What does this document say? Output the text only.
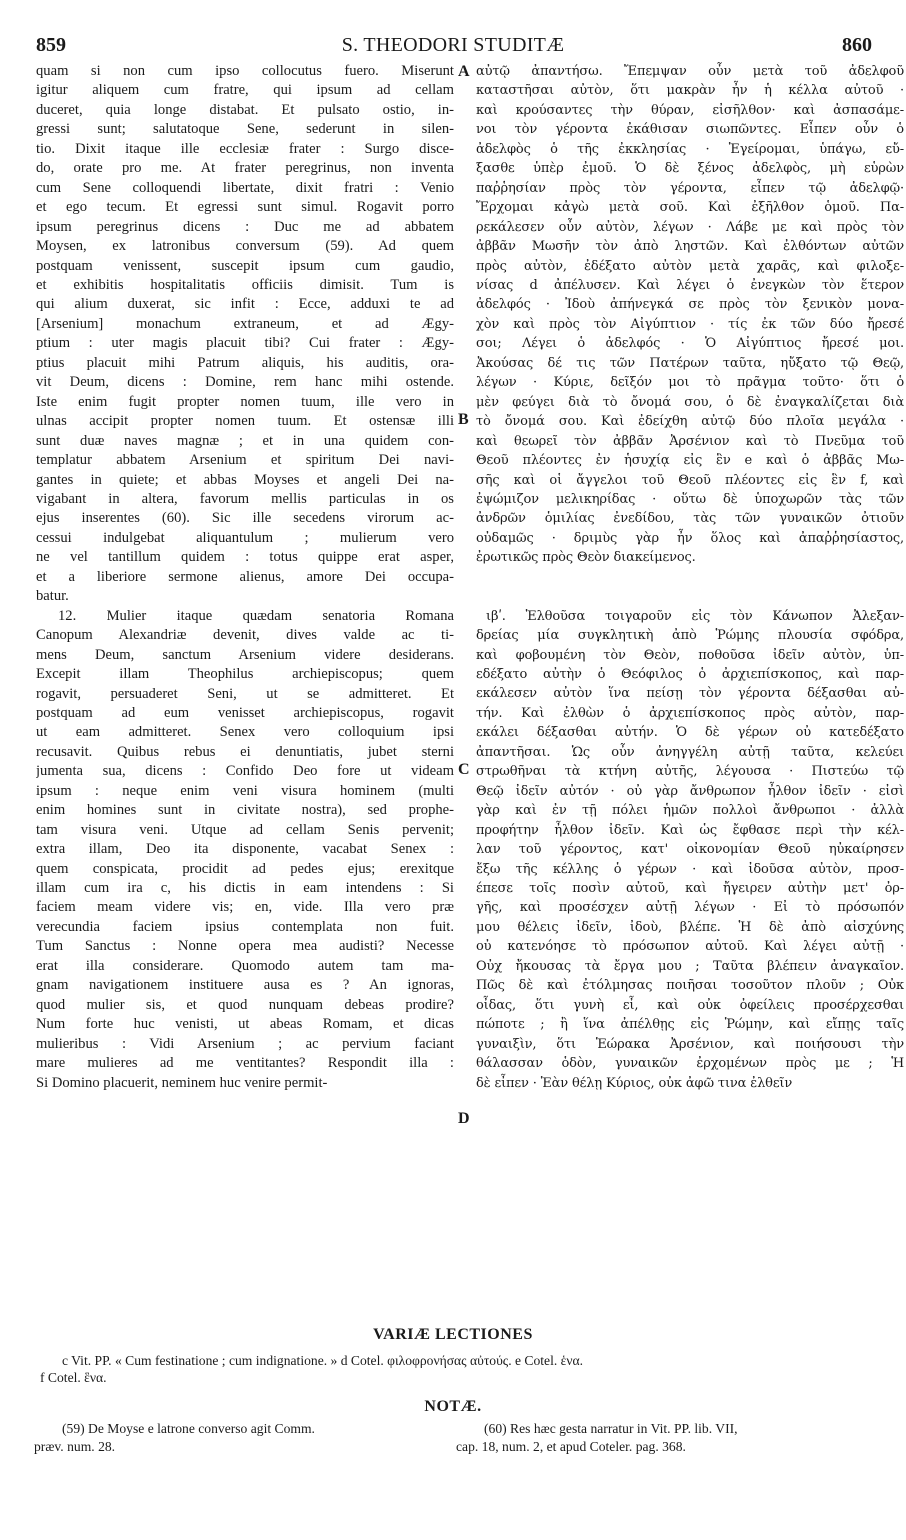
859	S. THEODORI STUDITÆ	860
quam si non cum ipso collocutus fuero. Miserunt
igitur aliquem cum fratre, qui ipsum ad cellam
duceret, quia longe distabat. Et pulsato ostio, in-
gressi sunt; salutatoque Sene, sederunt in silen-
tio. Dixit itaque ille ecclesiæ frater : Surgo disce-
do, orate pro me. At frater peregrinus, non inventa
cum Sene colloquendi libertate, dixit fratri : Venio
et ego tecum. Et egressi sunt simul. Rogavit porro
ipsum peregrinus dicens : Duc me ad abbatem
Moysen, ex latronibus conversum (59). Ad quem
postquam venissent, suscepit ipsum cum gaudio,
et exhibitis hospitalitatis officiis dimisit. Tum is
qui alium duxerat, sic infit : Ecce, adduxi te ad
[Arsenium] monachum extraneum, et ad Ægy-
ptium : uter magis placuit tibi? Cui frater : Ægy-
ptius placuit mihi Patrum aliquis, his auditis, ora-
vit Deum, dicens : Domine, rem hanc mihi ostende.
Iste enim fugit propter nomen tuum, ille vero in
ulnas accipit propter nomen tuum. Et ostensæ illi
sunt duæ naves magnæ ; et in una quidem con-
templatur abbatem Arsenium et spiritum Dei navi-
gantes in quiete; et abbas Moyses et angeli Dei na-
vigabant in altera, favorum mellis particulas in os
ejus inserentes (60). Sic ille secedens virorum ac-
cessui indulgebat aliquantulum ; mulierum vero
ne vel tantillum quidem : totus quippe erat asper,
et a liberiore sermone alienus, amore Dei occupa-
batur.
12. Mulier itaque quædam senatoria Romana
Canopum Alexandriæ devenit, dives valde ac ti-
mens Deum, sanctum Arsenium videre desiderans.
Excepit illam Theophilus archiepiscopus; quem
rogavit, persuaderet Seni, ut se admitteret. Et
postquam ad eum venisset archiepiscopus, rogavit
ut eam admitteret. Senex vero colloquium ipsi
recusavit. Quibus rebus ei denuntiatis, jubet sterni
jumenta sua, dicens : Confido Deo fore ut videam
ipsum : neque enim veni visura hominem (multi
enim homines sunt in civitate nostra), sed prophe-
tam visura veni. Utque ad cellam Senis pervenit;
extra illam, Deo ita disponente, vacabat Senex :
quem conspicata, procidit ad pedes ejus; erexitque
illam cum ira c, his dictis in eam intendens : Si
faciem meam videre vis; en, vide. Illa vero præ
verecundia faciem ipsius contemplata non fuit.
Tum Sanctus : Nonne opera mea audisti? Necesse
erat illa considerare. Quomodo autem tam ma-
gnam navigationem instituere ausa es ? An ignoras,
quod mulier sis, et quod nunquam debeas prodire?
Num forte huc venisti, ut abeas Romam, et dicas
mulieribus : Vidi Arsenium ; ac pervium faciant
mare mulieres ad me ventitantes? Respondit illa :
Si Domino placuerit, neminem huc venire permit-
αὐτῷ ἀπαντήσω. Ἔπεμψαν οὖν μετὰ τοῦ ἀδελφοῦ
καταστῆσαι αὐτὸν, ὅτι μακρὰν ἦν ἡ κέλλα αὐτοῦ ·
καὶ κρούσαντες τὴν θύραν, εἰσῆλθον· καὶ ἀσπασάμε-
νοι τὸν γέροντα ἐκάθισαν σιωπῶντες. Εἶπεν οὖν ὁ
ἀδελφὸς ὁ τῆς ἐκκλησίας · Ἐγείρομαι, ὑπάγω, εὔ-
ξασθε ὑπὲρ ἐμοῦ. Ὁ δὲ ξένος ἀδελφὸς, μὴ εὑρὼν
παῤῥησίαν πρὸς τὸν γέροντα, εἶπεν τῷ ἀδελφῷ·
Ἔρχομαι κἀγὼ μετὰ σοῦ. Καὶ ἐξῆλθον ὁμοῦ. Πα-
ρεκάλεσεν οὖν αὐτὸν, λέγων · Λάβε με καὶ πρὸς τὸν
ἀββᾶν Μωσῆν τὸν ἀπὸ ληστῶν. Καὶ ἐλθόντων αὐτῶν
πρὸς αὐτὸν, ἐδέξατο αὐτὸν μετὰ χαρᾶς, καὶ φιλοξε-
νίσας d ἀπέλυσεν. Καὶ λέγει ὁ ἐνεγκὼν τὸν ἕτερον
ἀδελφός · Ἰδοὺ ἀπήνεγκά σε πρὸς τὸν ξενικὸν μονα-
χὸν καὶ πρὸς τὸν Αἰγύπτιον · τίς ἐκ τῶν δύο ἤρεσέ
σοι; Λέγει ὁ ἀδελφός · Ὁ Αἰγύπτιος ἤρεσέ μοι.
Ἀκούσας δέ τις τῶν Πατέρων ταῦτα, ηὔξατο τῷ Θεῷ,
λέγων · Κύριε, δεῖξόν μοι τὸ πρᾶγμα τοῦτο· ὅτι ὁ
μὲν φεύγει διὰ τὸ ὄνομά σου, ὁ δὲ ἐναγκαλίζεται διὰ
τὸ ὄνομά σου. Καὶ ἐδείχθη αὐτῷ δύο πλοῖα μεγάλα ·
καὶ θεωρεῖ τὸν ἀββᾶν Ἀρσένιον καὶ τὸ Πνεῦμα τοῦ
Θεοῦ πλέοντες ἐν ἡσυχίᾳ εἰς ἓν e καὶ ὁ ἀββᾶς Μω-
σῆς καὶ οἱ ἄγγελοι τοῦ Θεοῦ πλέοντες εἰς ἓν f, καὶ
ἐψώμιζον μελικηρίδας · οὕτω δὲ ὑποχωρῶν τὰς τῶν
ἀνδρῶν ὁμιλίας ἐνεδίδου, τὰς τῶν γυναικῶν ὀτιοῦν
οὐδαμῶς · δριμὺς γὰρ ἦν ὅλος καὶ ἀπαῤῥησίαστος,
ἐρωτικῶς πρὸς Θεὸν διακείμενος.
ιβʹ. Ἐλθοῦσα τοιγαροῦν εἰς τὸν Κάνωπον Ἀλεξαν-
δρείας μία συγκλητικὴ ἀπὸ Ῥώμης πλουσία σφόδρα,
καὶ φοβουμένη τὸν Θεὸν, ποθοῦσα ἰδεῖν αὐτὸν, ὑπ-
εδέξατο αὐτὴν ὁ Θεόφιλος ὁ ἀρχιεπίσκοπος, καὶ παρ-
εκάλεσεν αὐτὸν ἵνα πείσῃ τὸν γέροντα δέξασθαι αὐ-
τήν. Καὶ ἐλθὼν ὁ ἀρχιεπίσκοπος πρὸς αὐτὸν, παρ-
εκάλει δέξασθαι αὐτήν. Ὁ δὲ γέρων οὐ κατεδέξατο
ἀπαντῆσαι. Ὡς οὖν ἀνηγγέλη αὐτῇ ταῦτα, κελεύει
στρωθῆναι τὰ κτήνη αὐτῆς, λέγουσα · Πιστεύω τῷ
Θεῷ ἰδεῖν αὐτόν · οὐ γὰρ ἄνθρωπον ἦλθον ἰδεῖν · εἰσὶ
γὰρ καὶ ἐν τῇ πόλει ἡμῶν πολλοὶ ἄνθρωποι · ἀλλὰ
προφήτην ἦλθον ἰδεῖν. Καὶ ὡς ἔφθασε περὶ τὴν κέλ-
λαν τοῦ γέροντος, κατ' οἰκονομίαν Θεοῦ ηὐκαίρησεν
ἔξω τῆς κέλλης ὁ γέρων · καὶ ἰδοῦσα αὐτὸν, προσ-
έπεσε τοῖς ποσὶν αὐτοῦ, καὶ ἤγειρεν αὐτὴν μετ' ὀρ-
γῆς, καὶ προσέσχεν αὐτῇ λέγων · Εἰ τὸ πρόσωπόν
μου θέλεις ἰδεῖν, ἰδοὺ, βλέπε. Ἡ δὲ ἀπὸ αἰσχύνης
οὐ κατενόησε τὸ πρόσωπον αὐτοῦ. Καὶ λέγει αὐτῇ ·
Οὐχ ἤκουσας τὰ ἔργα μου ; Ταῦτα βλέπειν ἀναγκαῖον.
Πῶς δὲ καὶ ἐτόλμησας ποιῆσαι τοσοῦτον πλοῦν ; Οὐκ
οἶδας, ὅτι γυνὴ εἶ, καὶ οὐκ ὀφείλεις προσέρχεσθαι
πώποτε ; ἢ ἵνα ἀπέλθῃς εἰς Ῥώμην, καὶ εἴπῃς ταῖς
γυναιξὶν, ὅτι Ἑώρακα Ἀρσένιον, καὶ ποιήσουσι τὴν
θάλασσαν ὁδὸν, γυναικῶν ἐρχομένων πρὸς με ; Ἡ
δὲ εἶπεν · Ἐὰν θέλῃ Κύριος, οὐκ ἀφῶ τινα ἐλθεῖν
A
B
C
D
VARIÆ LECTIONES
c Vit. PP. « Cum festinatione ; cum indignatione. » d Cotel. φιλοφρονήσας αὐτούς. e Cotel. ἑνα.
f Cotel. ἓνα.
NOTÆ.
(59) De Moyse e latrone converso agit Comm.
præv. num. 28.
(60) Res hæc gesta narratur in Vit. PP. lib. VII,
cap. 18, num. 2, et apud Coteler. pag. 368.
